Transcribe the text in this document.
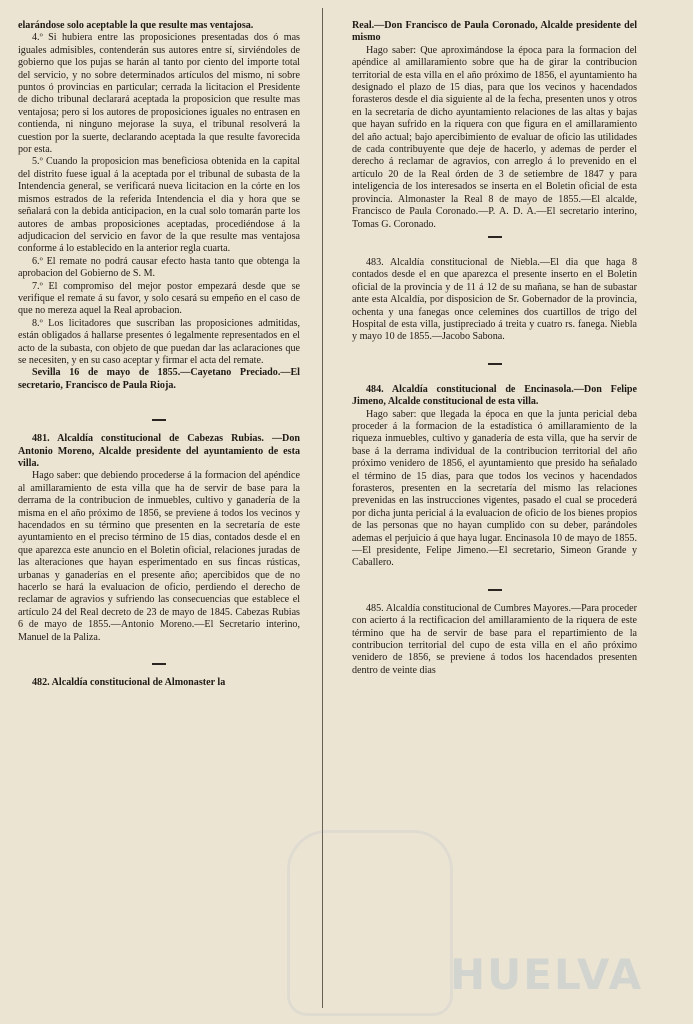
elarándose solo aceptable la que resulte mas ventajosa.

4.º Si hubiera entre las proposiciones presentadas dos ó mas iguales admisibles, contenderán sus autores entre sí, sirviéndoles de gobierno que los pujas se harán al tanto por ciento del importe total del servicio, y no sobre determinados artículos del mismo, ni sobre puntos ó provincias en particular; cerrada la licitacion el Presidente de dicho tribunal declarará aceptada la proposicion que resulte mas ventajosa; pero si los autores de proposiciones iguales no entrasen en contienda, ni ninguno mejorase la suya, el tribunal resolverá la cuestion por la suerte, declarando aceptada la que resulte favorecida por esta.

5.º Cuando la proposicion mas beneficiosa obtenida en la capital del distrito fuese igual á la aceptada por el tribunal de subasta de la Intendencia general, se verificará nueva licitacion en la córte en los mismos estrados de la referida Intendencia el dia y hora que se señalará con la debida anticipacion, en la cual solo tomarán parte los autores de ambas proposiciones aceptadas, procediéndose á la adjudicacion del servicio en favor de la que resulte mas ventajosa conforme á lo establecido en la anterior regla cuarta.

6.º El remate no podrá causar efecto hasta tanto que obtenga la aprobacion del Gobierno de S. M.

7.º El compromiso del mejor postor empezará desde que se verifique el remate á su favor, y solo cesará su empeño en el caso de que no mereza aquel la Real aprobacion.

8.º Los licitadores que suscriban las proposiciones admitidas, están obligados á hallarse presentes ó legalmente representados en el acto de la subasta, con objeto de que puedan dar las aclaraciones que se necesiten, y en su caso aceptar y firmar el acta del remate.

Sevilla 16 de mayo de 1855.—Cayetano Preciado.—El secretario, Francisco de Paula Rioja.

481. Alcaldía constitucional de Cabezas Rubias. —Don Antonio Moreno, Alcalde presidente del ayuntamiento de esta villa.

Hago saber: que debiendo procederse á la formacion del apéndice al amillaramiento de esta villa que ha de servir de base para la derrama de la contribucion de inmuebles, cultivo y ganadería de la misma en el año próximo de 1856, se previene á todos los vecinos y hacendados en su término que presenten en la secretaría de este ayuntamiento en el preciso término de 15 dias, contados desde el en que aparezca este anuncio en el Boletin oficial, relaciones juradas de las alteraciones que hayan esperimentado en sus fincas rústicas, urbanas y ganaderías en el presente año; apercibidos que de no hacerlo se hará la evaluacion de oficio, perdiendo el derecho de reclamar de agravios y sufriendo las consecuencias que establece el artículo 24 del Real decreto de 23 de mayo de 1845. Cabezas Rubias 6 de mayo de 1855.—Antonio Moreno.—El Secretario interino, Manuel de la Paliza.

482. Alcaldía constitucional de Almonaster la

Real.—Don Francisco de Paula Coronado, Alcalde presidente del mismo

Hago saber: Que aproximándose la época para la formacion del apéndice al amillaramiento sobre que ha de girar la contribucion territorial de esta villa en el año próximo de 1856, el ayuntamiento ha designado el plazo de 15 dias, para que los vecinos y hacendados forasteros desde el dia siguiente al de la fecha, presenten unos y otros en la secretaría de dicho ayuntamiento relaciones de las altas y bajas que hayan sufrido en la riquera con que figura en el amillaramiento del año actual; bajo apercibimiento de evaluar de oficio las utilidades de cada contribuyente que deje de hacerlo, y ademas de perder el derecho á reclamar de agravios, con arreglo á lo prevenido en el artículo 20 de la Real órden de 3 de setiembre de 1847 y para inteligencia de los interesados se inserta en el Boletin oficial de esta provincia. Almonaster la Real 8 de mayo de 1855.—El alcalde, Francisco de Paula Coronado.—P. A. D. A.—El secretario interino, Tomas G. Coronado.

483. Alcaldía constitucional de Niebla.—El dia que haga 8 contados desde el en que aparezca el presente inserto en el Boletin oficial de la provincia y de 11 á 12 de su mañana, se han de subastar ante esta Alcaldía, por disposicion de Sr. Gobernador de la provincia, ochenta y una fanegas once celemines dos cuartillos de trigo del Hospital de esta villa, justipreciado á treita y cuatro rs. fanega. Niebla y mayo 10 de 1855.—Jacobo Sabona.

484. Alcaldía constitucional de Encinasola.—Don Felipe Jimeno, Alcalde constitucional de esta villa.

Hago saber: que llegada la época en que la junta pericial deba proceder á la formacion de la estadística ó amillaramiento de la riqueza inmuebles, cultivo y ganadería de esta villa, que ha servir de base á la derrama individual de la contribucion territorial del año próximo venidero de 1856, el ayuntamiento que presido ha señalado el término de 15 dias, para que todos los vecinos y hacendados forasteros, presenten en la secretaría del mismo las relaciones prevenidas en las instrucciones vigentes, pasado el cual se procederá por dicha junta pericial á la evaluacion de oficio de los bienes propios de las personas que no hayan cumplido con su deber, parándoles ademas el perjuicio á que haya lugar. Encinasola 10 de mayo de 1855.—El presidente, Felipe Jimeno.—El secretario, Simeon Grande y Caballero.

485. Alcaldía constitucional de Cumbres Mayores.—Para proceder con acierto á la rectificacion del amillaramiento de la riquera de este término que ha de servir de base para el repartimiento de la contribucion territorial del cupo de esta villa en el año próximo venidero de 1856, se previene á todos los hacendados presenten dentro de veinte dias

HUELVA
